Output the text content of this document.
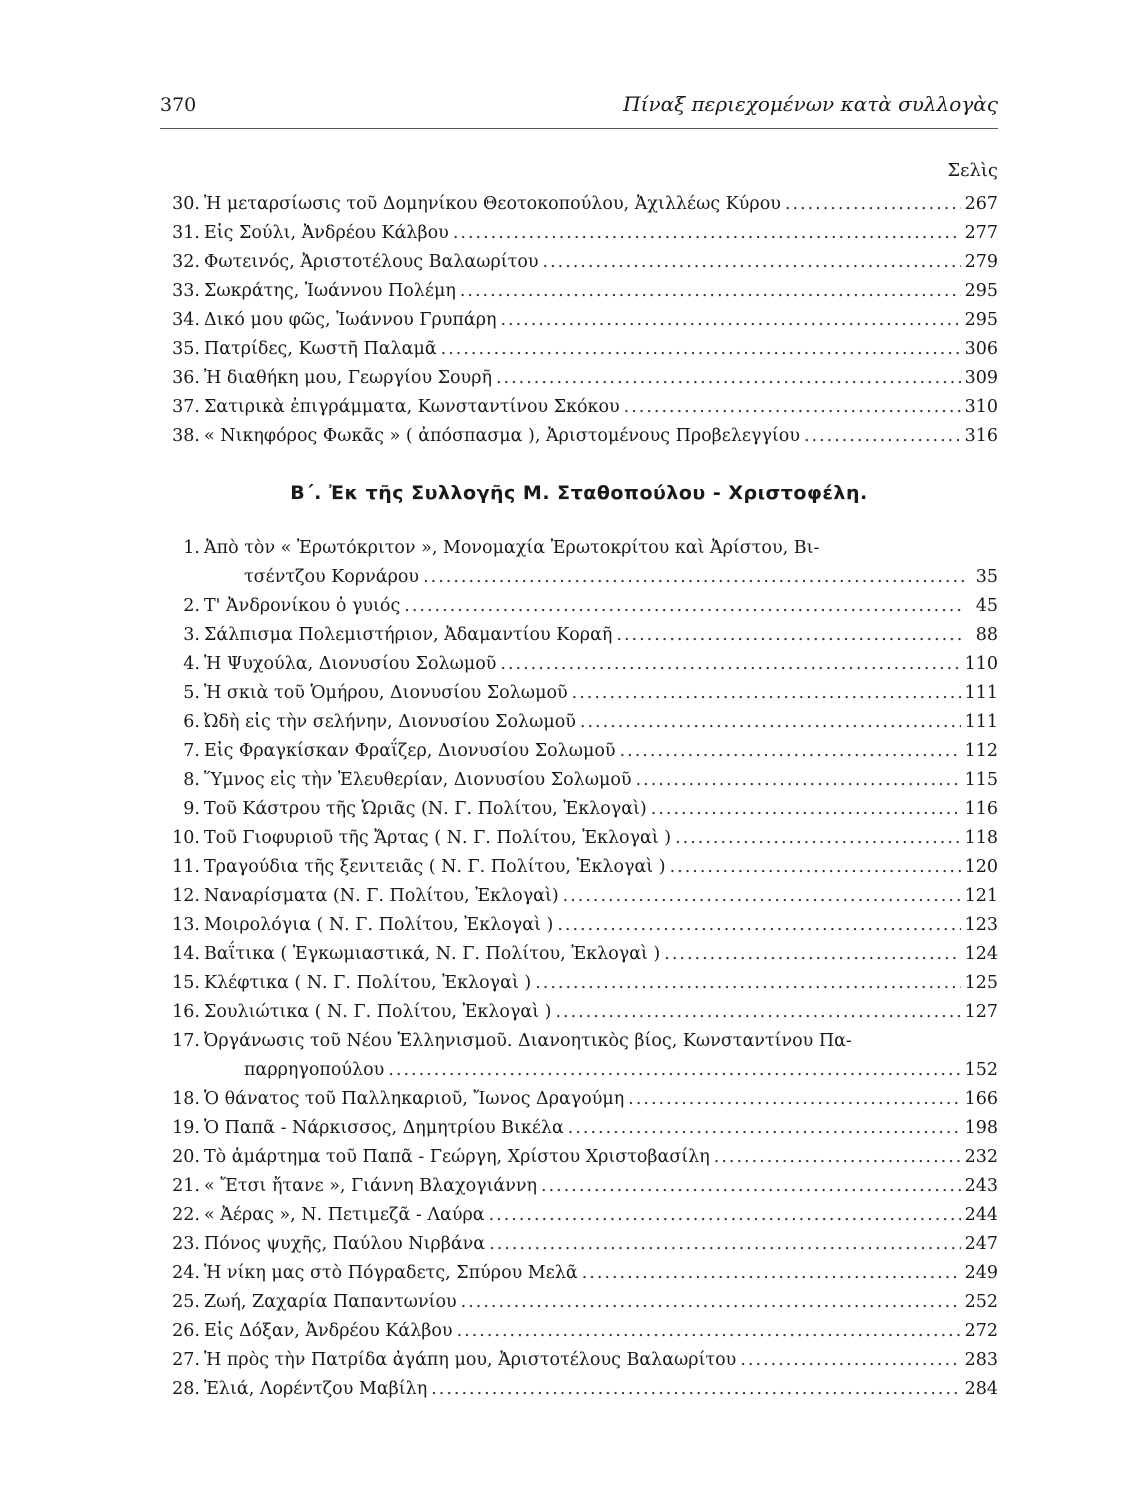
370	Πίναξ περιεχομένων κατὰ συλλογὰς
Σελὶς
30. Ἡ μεταρσίωσις τοῦ Δομηνίκου Θεοτοκοπούλου, Ἀχιλλέως Κύρου .....	267
31. Εἰς Σούλι, Ἀνδρέου Κάλβου .....	277
32. Φωτεινός, Ἀριστοτέλους Βαλαωρίτου .....	279
33. Σωκράτης, Ἰωάννου Πολέμη .....	295
34. Δικό μου φῶς, Ἰωάννου Γρυπάρη .....	295
35. Πατρίδες, Κωστῆ Παλαμᾶ .....	306
36. Ἡ διαθήκη μου, Γεωργίου Σουρῆ .....	309
37. Σατιρικὰ ἐπιγράμματα, Κωνσταντίνου Σκόκου .....	310
38. « Νικηφόρος Φωκᾶς » ( ἀπόσπασμα ), Ἀριστομένους Προβελεγγίου .....	316
Β΄. Ἐκ τῆς Συλλογῆς Μ. Σταθοπούλου - Χριστοφέλη.
1. Ἀπὸ τὸν « Ἐρωτόκριτον », Μονομαχία Ἐρωτοκρίτου καὶ Ἀρίστου, Βι-
τσέντζου Κορνάρου .....	35
2. Τ' Ἀνδρονίκου ὁ γυιός .....	45
3. Σάλπισμα Πολεμιστήριον, Ἀδαμαντίου Κοραῆ .....	88
4. Ἡ Ψυχούλα, Διονυσίου Σολωμοῦ .....	110
5. Ἡ σκιὰ τοῦ Ὁμήρου, Διονυσίου Σολωμοῦ .....	111
6. Ὠδὴ εἰς τὴν σελήνην, Διονυσίου Σολωμοῦ .....	111
7. Εἰς Φραγκίσκαν Φραΐζερ, Διονυσίου Σολωμοῦ .....	112
8. Ὕμνος εἰς τὴν Ἐλευθερίαν, Διονυσίου Σολωμοῦ .....	115
9. Τοῦ Κάστρου τῆς Ὡριᾶς (Ν. Γ. Πολίτου, Ἐκλογαὶ) .....	116
10. Τοῦ Γιοφυριοῦ τῆς Ἄρτας ( Ν. Γ. Πολίτου, Ἐκλογαὶ ) .....	118
11. Τραγούδια τῆς ξενιτειᾶς ( Ν. Γ. Πολίτου, Ἐκλογαὶ ) .....	120
12. Ναναρίσματα (Ν. Γ. Πολίτου, Ἐκλογαὶ) .....	121
13. Μοιρολόγια ( Ν. Γ. Πολίτου, Ἐκλογαὶ ) .....	123
14. Βαΐτικα ( Ἐγκωμιαστικά, Ν. Γ. Πολίτου, Ἐκλογαὶ ) .....	124
15. Κλέφτικα ( Ν. Γ. Πολίτου, Ἐκλογαὶ ) .....	125
16. Σουλιώτικα ( Ν. Γ. Πολίτου, Ἐκλογαὶ ) .....	127
17. Ὀργάνωσις τοῦ Νέου Ἑλληνισμοῦ. Διανοητικὸς βίος, Κωνσταντίνου Πα-
παρρηγοπούλου .....	152
18. Ὁ θάνατος τοῦ Παλληκαριοῦ, Ἴωνος Δραγούμη .....	166
19. Ὁ Παπᾶ - Νάρκισσος, Δημητρίου Βικέλα .....	198
20. Τὸ ἁμάρτημα τοῦ Παπᾶ - Γεώργη, Χρίστου Χριστοβασίλη .....	232
21. « Ἔτσι ἤτανε », Γιάννη Βλαχογιάννη .....	243
22. « Ἀέρας », Ν. Πετιμεζᾶ - Λαύρα .....	244
23. Πόνος ψυχῆς, Παύλου Νιρβάνα .....	247
24. Ἡ νίκη μας στὸ Πόγραδετς, Σπύρου Μελᾶ .....	249
25. Ζωή, Ζαχαρία Παπαντωνίου .....	252
26. Εἰς Δόξαν, Ἀνδρέου Κάλβου .....	272
27. Ἡ πρὸς τὴν Πατρίδα ἀγάπη μου, Ἀριστοτέλους Βαλαωρίτου .....	283
28. Ἐλιά, Λορέντζου Μαβίλη .....	284
